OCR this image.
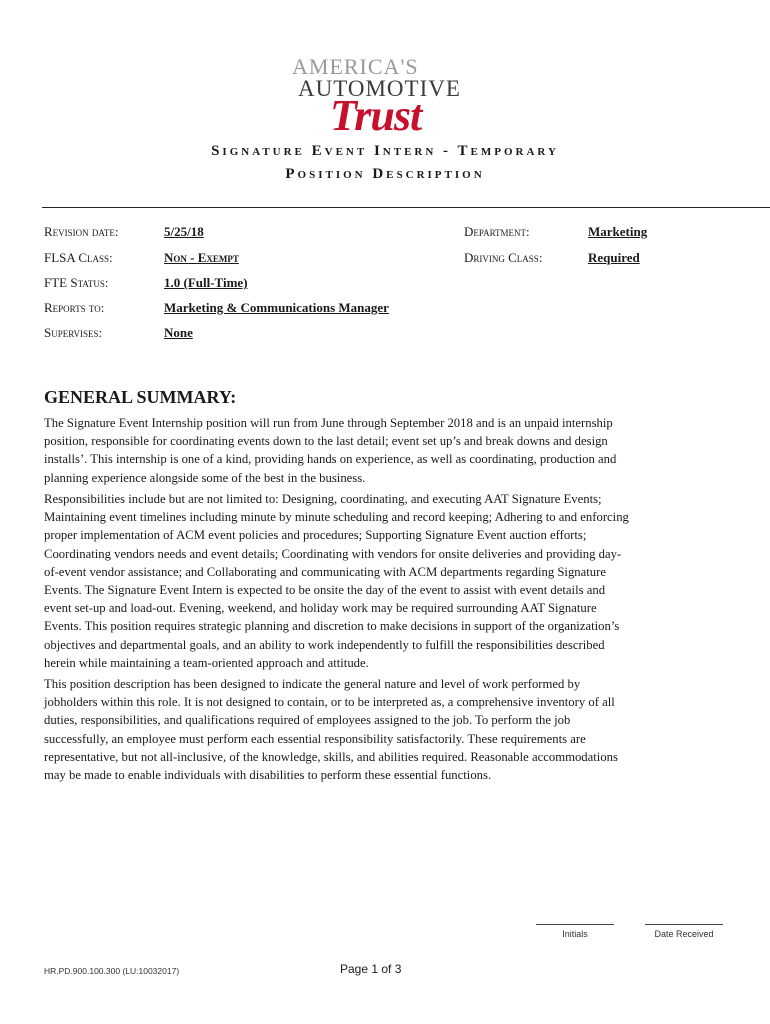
AMERICA'S
AUTOMOTIVE
Trust
Signature Event Intern - Temporary
Position Description
Revision date:	5/25/18
FLSA Class:	Non - Exempt
FTE Status:	1.0 (Full-Time)
Reports to:	Marketing & Communications Manager
Supervises:	None
Department:	Marketing
Driving Class:	Required
GENERAL SUMMARY:
The Signature Event Internship position will run from June through September 2018 and is an unpaid internship
position, responsible for coordinating events down to the last detail; event set up’s and break downs and design
installs’. This internship is one of a kind, providing hands on experience, as well as coordinating, production and
planning experience alongside some of the best in the business.
Responsibilities include but are not limited to: Designing, coordinating, and executing AAT Signature Events;
Maintaining event timelines including minute by minute scheduling and record keeping; Adhering to and enforcing
proper implementation of ACM event policies and procedures; Supporting Signature Event auction efforts;
Coordinating vendors needs and event details; Coordinating with vendors for onsite deliveries and providing day-
of-event vendor assistance; and Collaborating and communicating with ACM departments regarding Signature
Events. The Signature Event Intern is expected to be onsite the day of the event to assist with event details and
event set-up and load-out. Evening, weekend, and holiday work may be required surrounding AAT Signature
Events. This position requires strategic planning and discretion to make decisions in support of the organization’s
objectives and departmental goals, and an ability to work independently to fulfill the responsibilities described
herein while maintaining a team-oriented approach and attitude.
This position description has been designed to indicate the general nature and level of work performed by
jobholders within this role. It is not designed to contain, or to be interpreted as, a comprehensive inventory of all
duties, responsibilities, and qualifications required of employees assigned to the job. To perform the job
successfully, an employee must perform each essential responsibility satisfactorily. These requirements are
representative, but not all-inclusive, of the knowledge, skills, and abilities required. Reasonable accommodations
may be made to enable individuals with disabilities to perform these essential functions.
Initials	Date Received
HR.PD.900.100.300 (LU:10032017)	Page 1 of 3
